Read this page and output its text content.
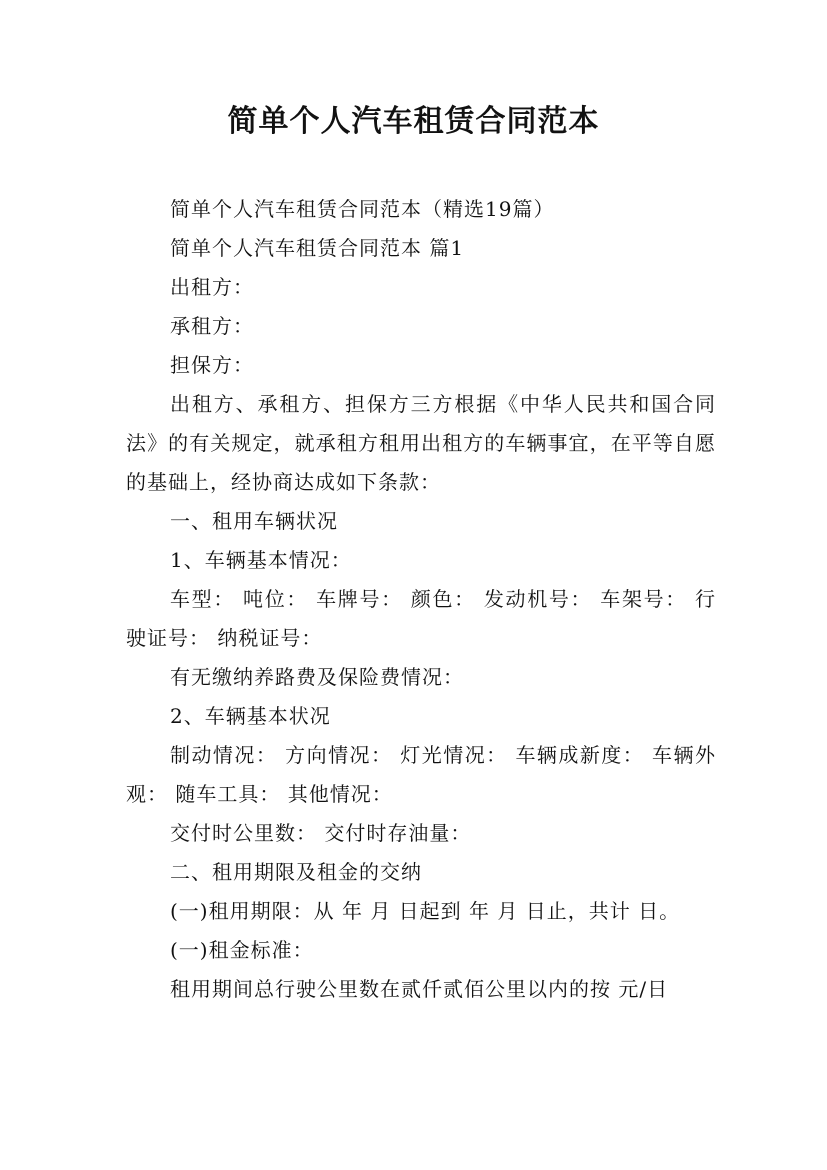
简单个人汽车租赁合同范本

简单个人汽车租赁合同范本（精选19篇）

简单个人汽车租赁合同范本 篇1

出租方：

承租方：

担保方：

出租方、承租方、担保方三方根据《中华人民共和国合同法》的有关规定，就承租方租用出租方的车辆事宜，在平等自愿的基础上，经协商达成如下条款：

一、租用车辆状况

1、车辆基本情况：

车型： 吨位： 车牌号： 颜色： 发动机号： 车架号： 行驶证号： 纳税证号：

有无缴纳养路费及保险费情况：

2、车辆基本状况

制动情况： 方向情况： 灯光情况： 车辆成新度： 车辆外观： 随车工具： 其他情况：

交付时公里数： 交付时存油量：

二、租用期限及租金的交纳

(一)租用期限：从 年 月 日起到 年 月 日止，共计 日。

(一)租金标准：

租用期间总行驶公里数在贰仟贰佰公里以内的按 元/日
